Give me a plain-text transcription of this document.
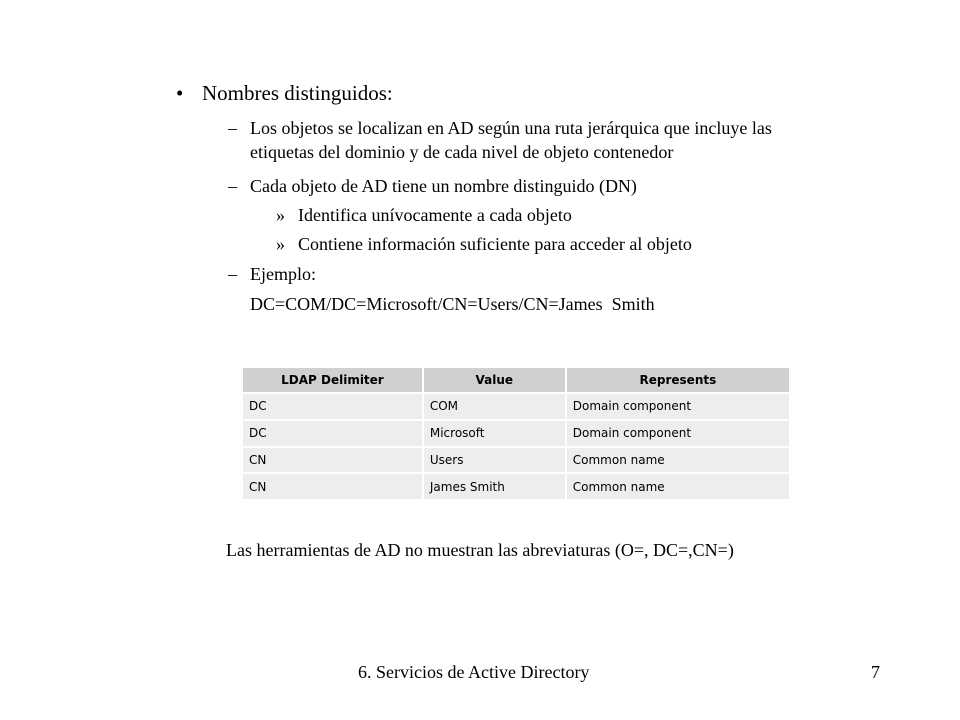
• Nombres distinguidos:
– Los objetos se localizan en AD según una ruta jerárquica que incluye las
etiquetas del dominio y de cada nivel de objeto contenedor
– Cada objeto de AD tiene un nombre distinguido (DN)
» Identifica unívocamente a cada objeto
» Contiene información suficiente para acceder al objeto
– Ejemplo:
DC=COM/DC=Microsoft/CN=Users/CN=James  Smith
LDAP Delimiter	Value	Represents
DC	COM	Domain component
DC	Microsoft	Domain component
CN	Users	Common name
CN	James Smith	Common name
Las herramientas de AD no muestran las abreviaturas (O=, DC=,CN=)
6. Servicios de Active Directory	7
